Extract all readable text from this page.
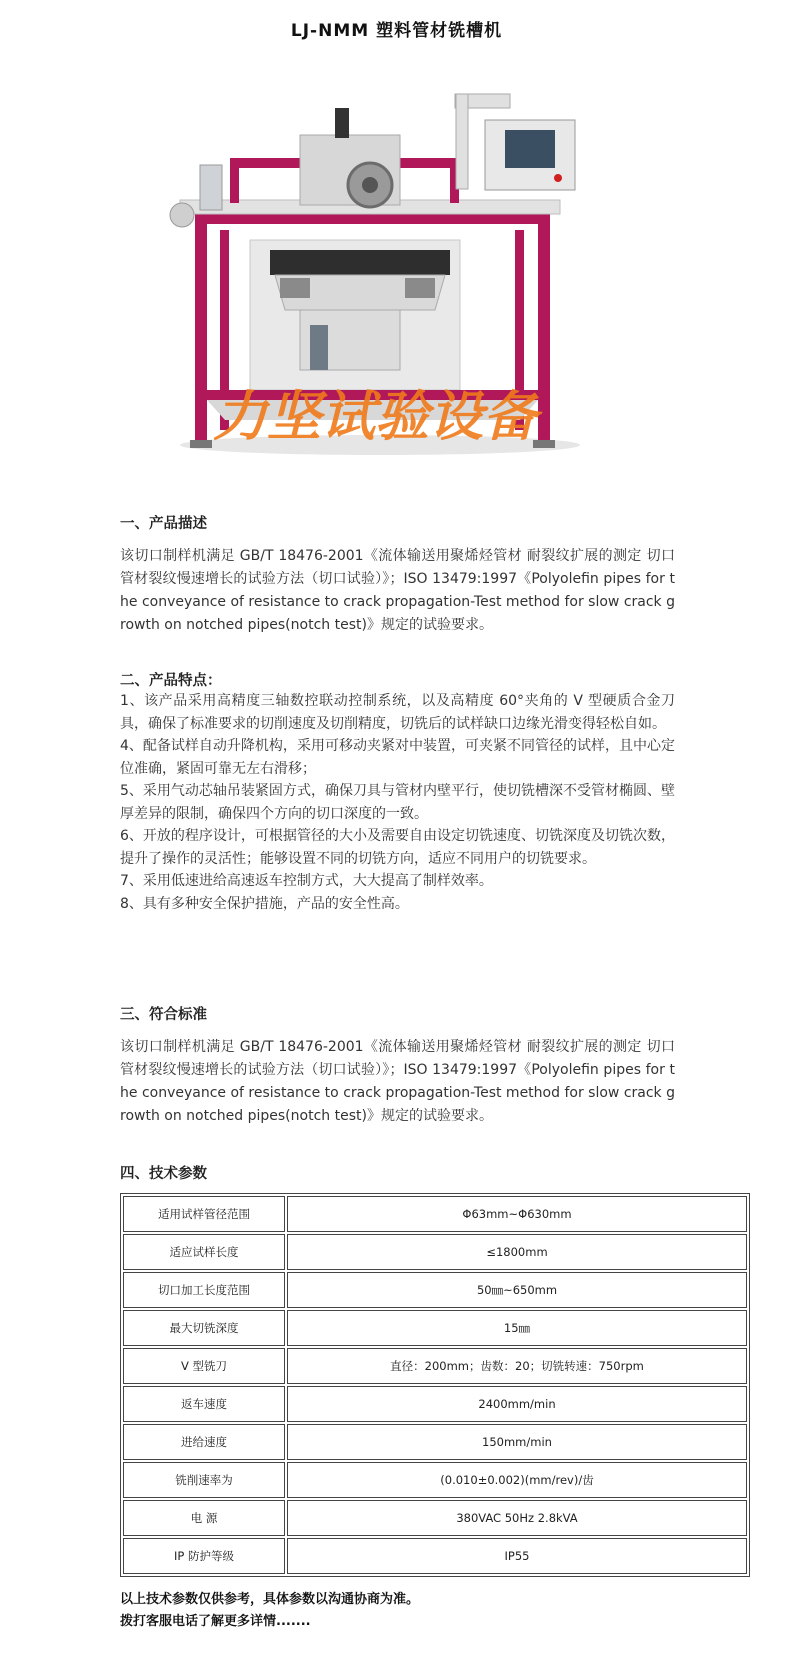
LJ-NMM 塑料管材铣槽机
力坚试验设备
一、产品描述

该切口制样机满足 GB/T 18476-2001《流体输送用聚烯烃管材 耐裂纹扩展的测定 切口管材裂纹慢速增长的试验方法（切口试验）》；ISO 13479:1997《Polyolefin pipes for the conveyance of resistance to crack propagation-Test method for slow crack growth on notched pipes(notch test)》规定的试验要求。

二、产品特点：

1、该产品采用高精度三轴数控联动控制系统，以及高精度 60°夹角的 V 型硬质合金刀具，确保了标准要求的切削速度及切削精度，切铣后的试样缺口边缘光滑变得轻松自如。

4、配备试样自动升降机构，采用可移动夹紧对中装置，可夹紧不同管径的试样，且中心定位准确，紧固可靠无左右滑移；

5、采用气动芯轴吊装紧固方式，确保刀具与管材内壁平行，使切铣槽深不受管材椭圆、壁厚差异的限制，确保四个方向的切口深度的一致。

6、开放的程序设计，可根据管径的大小及需要自由设定切铣速度、切铣深度及切铣次数，提升了操作的灵活性；能够设置不同的切铣方向，适应不同用户的切铣要求。

7、采用低速进给高速返车控制方式，大大提高了制样效率。

8、具有多种安全保护措施，产品的安全性高。

三、符合标准

该切口制样机满足 GB/T 18476-2001《流体输送用聚烯烃管材 耐裂纹扩展的测定 切口管材裂纹慢速增长的试验方法（切口试验）》；ISO 13479:1997《Polyolefin pipes for the conveyance of resistance to crack propagation-Test method for slow crack growth on notched pipes(notch test)》规定的试验要求。

四、技术参数
适用试样管径范围	Φ63mm~Φ630mm
适应试样长度	≤1800mm
切口加工长度范围	50㎜~650mm
最大切铣深度	15㎜
V 型铣刀	直径：200mm；齿数：20；切铣转速：750rpm
返车速度	2400mm/min
进给速度	150mm/min
铣削速率为	(0.010±0.002)(mm/rev)/齿
电 源	380VAC 50Hz 2.8kVA
IP 防护等级	IP55
以上技术参数仅供参考，具体参数以沟通协商为准。
拨打客服电话了解更多详情.......
